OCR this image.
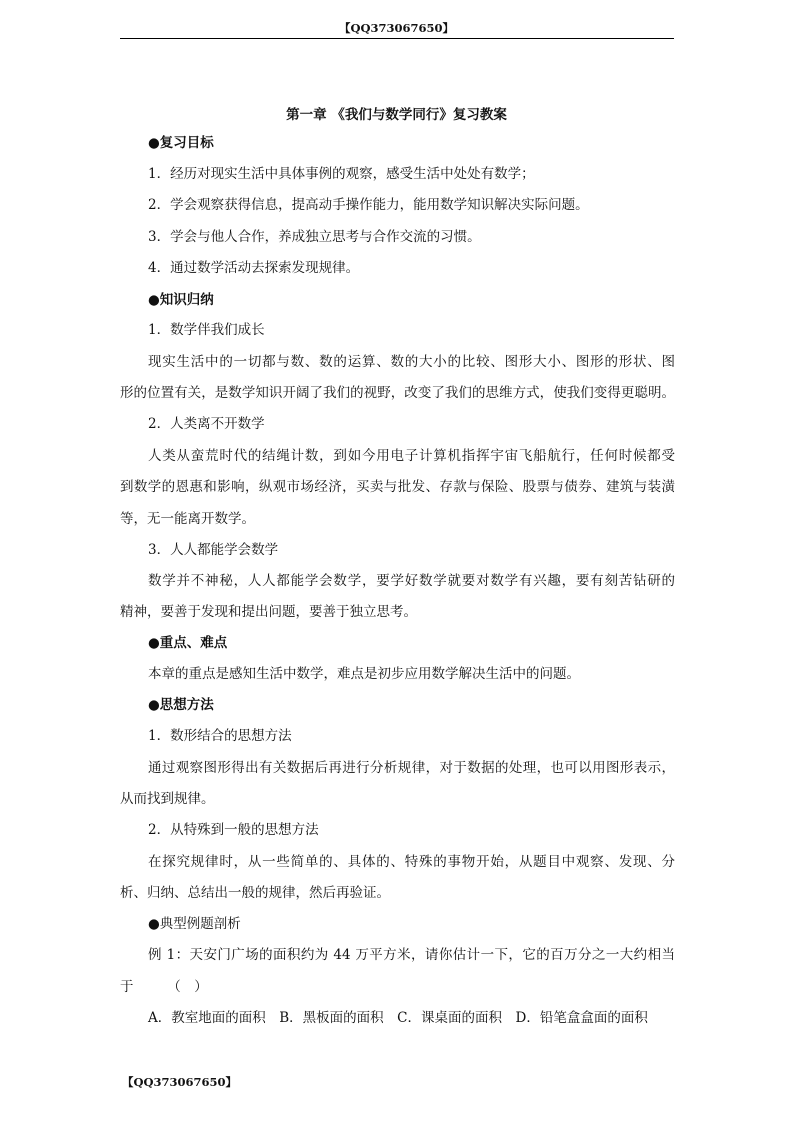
【QQ373067650】
第一章 《我们与数学同行》复习教案
●复习目标
1．经历对现实生活中具体事例的观察，感受生活中处处有数学；
2．学会观察获得信息，提高动手操作能力，能用数学知识解决实际问题。
3．学会与他人合作，养成独立思考与合作交流的习惯。
4．通过数学活动去探索发现规律。
●知识归纳
1．数学伴我们成长
现实生活中的一切都与数、数的运算、数的大小的比较、图形大小、图形的形状、图
形的位置有关，是数学知识开阔了我们的视野，改变了我们的思维方式，使我们变得更聪明。
2．人类离不开数学
人类从蛮荒时代的结绳计数，到如今用电子计算机指挥宇宙飞船航行，任何时候都受
到数学的恩惠和影响，纵观市场经济，买卖与批发、存款与保险、股票与债券、建筑与装潢
等，无一能离开数学。
3．人人都能学会数学
数学并不神秘，人人都能学会数学，要学好数学就要对数学有兴趣，要有刻苦钻研的
精神，要善于发现和提出问题，要善于独立思考。
●重点、难点
本章的重点是感知生活中数学，难点是初步应用数学解决生活中的问题。
●思想方法
1．数形结合的思想方法
通过观察图形得出有关数据后再进行分析规律，对于数据的处理，也可以用图形表示，
从而找到规律。
2．从特殊到一般的思想方法
在探究规律时，从一些简单的、具体的、特殊的事物开始，从题目中观察、发现、分
析、归纳、总结出一般的规律，然后再验证。
●典型例题剖析
例 1：天安门广场的面积约为 44 万平方米，请你估计一下，它的百万分之一大约相当
于　　　（　）
A．教室地面的面积　B．黑板面的面积　C．课桌面的面积　D．铅笔盒盒面的面积
【QQ373067650】
